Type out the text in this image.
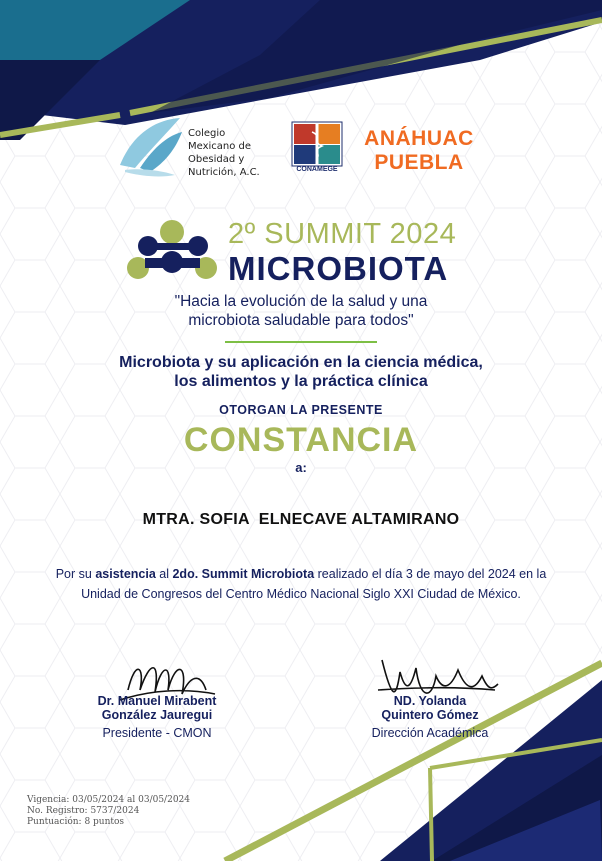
Colegio
Mexicano de
Obesidad y
Nutrición, A.C.	CONAMEGE
ANÁHUAC
PUEBLA
2º SUMMIT 2024
MICROBIOTA
"Hacia la evolución de la salud y una
microbiota saludable para todos"
Microbiota y su aplicación en la ciencia médica,
los alimentos y la práctica clínica
OTORGAN LA PRESENTE
CONSTANCIA
a:
MTRA. SOFIA  ELNECAVE ALTAMIRANO
Por su asistencia al 2do. Summit Microbiota realizado el día 3 de mayo del 2024 en la Unidad de Congresos del Centro Médico Nacional Siglo XXI Ciudad de México.
Dr. Manuel Mirabent
González Jauregui
Presidente - CMON
ND. Yolanda
Quintero Gómez
Dirección Académica
Vigencia: 03/05/2024 al 03/05/2024
No. Registro: 5737/2024
Puntuación: 8 puntos
